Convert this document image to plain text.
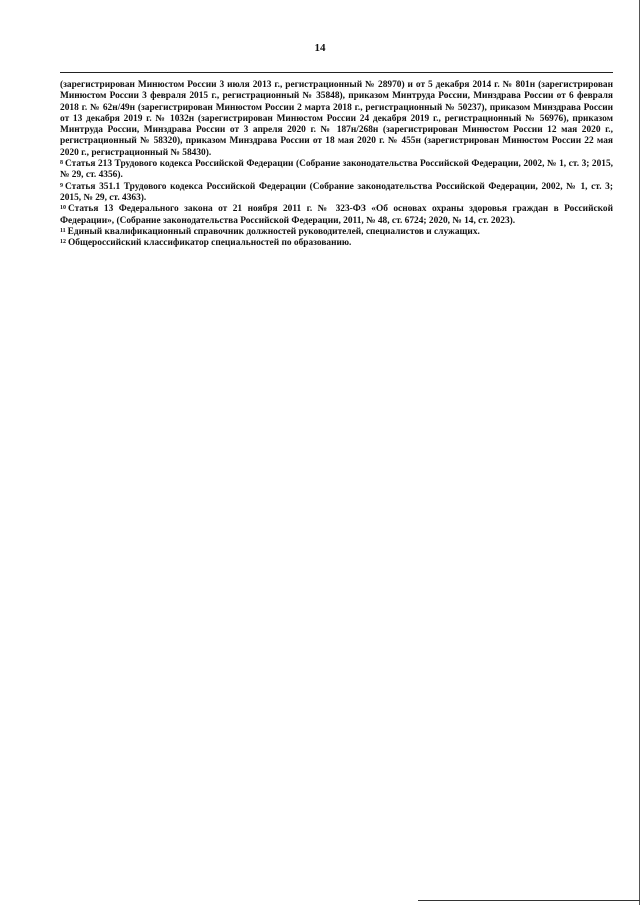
14

(зарегистрирован Минюстом России 3 июля 2013 г., регистрационный № 28970) и от 5 декабря 2014 г. № 801н (зарегистрирован Минюстом России 3 февраля 2015 г., регистрационный № 35848), приказом Минтруда России, Минздрава России от 6 февраля 2018 г. № 62н/49н (зарегистрирован Минюстом России 2 марта 2018 г., регистрационный № 50237), приказом Минздрава России от 13 декабря 2019 г. № 1032н (зарегистрирован Минюстом России 24 декабря 2019 г., регистрационный № 56976), приказом Минтруда России, Минздрава России от 3 апреля 2020 г. № 187н/268н (зарегистрирован Минюстом России 12 мая 2020 г., регистрационный № 58320), приказом Минздрава России от 18 мая 2020 г. № 455н (зарегистрирован Минюстом России 22 мая 2020 г., регистрационный № 58430).

$^8$ Статья 213 Трудового кодекса Российской Федерации (Собрание законодательства Российской Федерации, 2002, № 1, ст. 3; 2015, № 29, ст. 4356).

$^9$ Статья 351.1 Трудового кодекса Российской Федерации (Собрание законодательства Российской Федерации, 2002, № 1, ст. 3; 2015, № 29, ст. 4363).

$^{10}$ Статья 13 Федерального закона от 21 ноября 2011 г. № 323-ФЗ «Об основах охраны здоровья граждан в Российской Федерации», (Собрание законодательства Российской Федерации, 2011, № 48, ст. 6724; 2020, № 14, ст. 2023).

$^{11}$ Единый квалификационный справочник должностей руководителей, специалистов и служащих.

$^{12}$ Общероссийский классификатор специальностей по образованию.
